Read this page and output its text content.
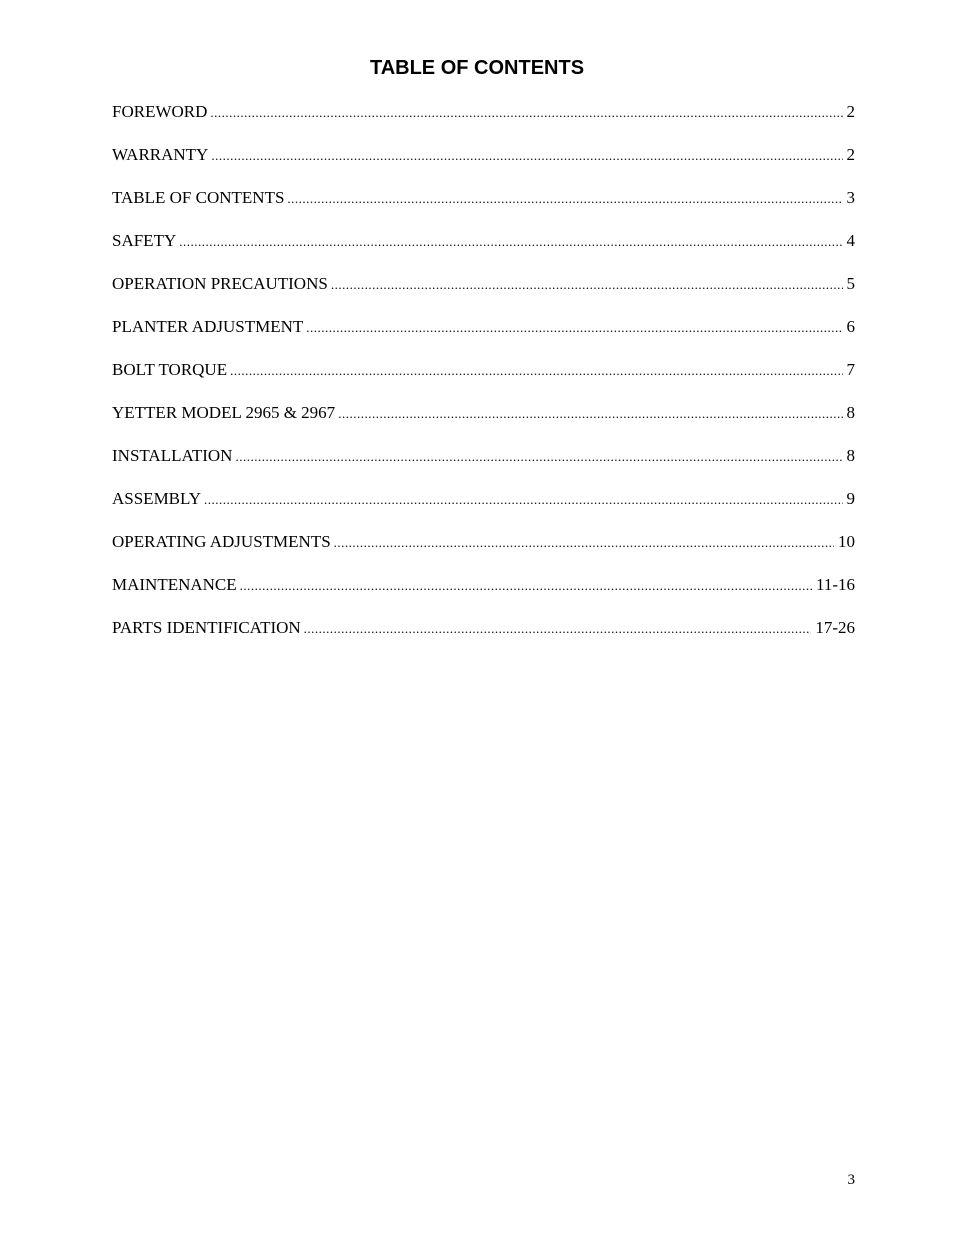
TABLE OF CONTENTS
FOREWORD .....	2
WARRANTY .....	2
TABLE OF CONTENTS .....	3
SAFETY .....	4
OPERATION PRECAUTIONS .....	5
PLANTER ADJUSTMENT .....	6
BOLT TORQUE .....	7
YETTER MODEL 2965 & 2967 .....	8
INSTALLATION .....	8
ASSEMBLY .....	9
OPERATING ADJUSTMENTS .....	10
MAINTENANCE .....	11-16
PARTS IDENTIFICATION .....	17-26
3
